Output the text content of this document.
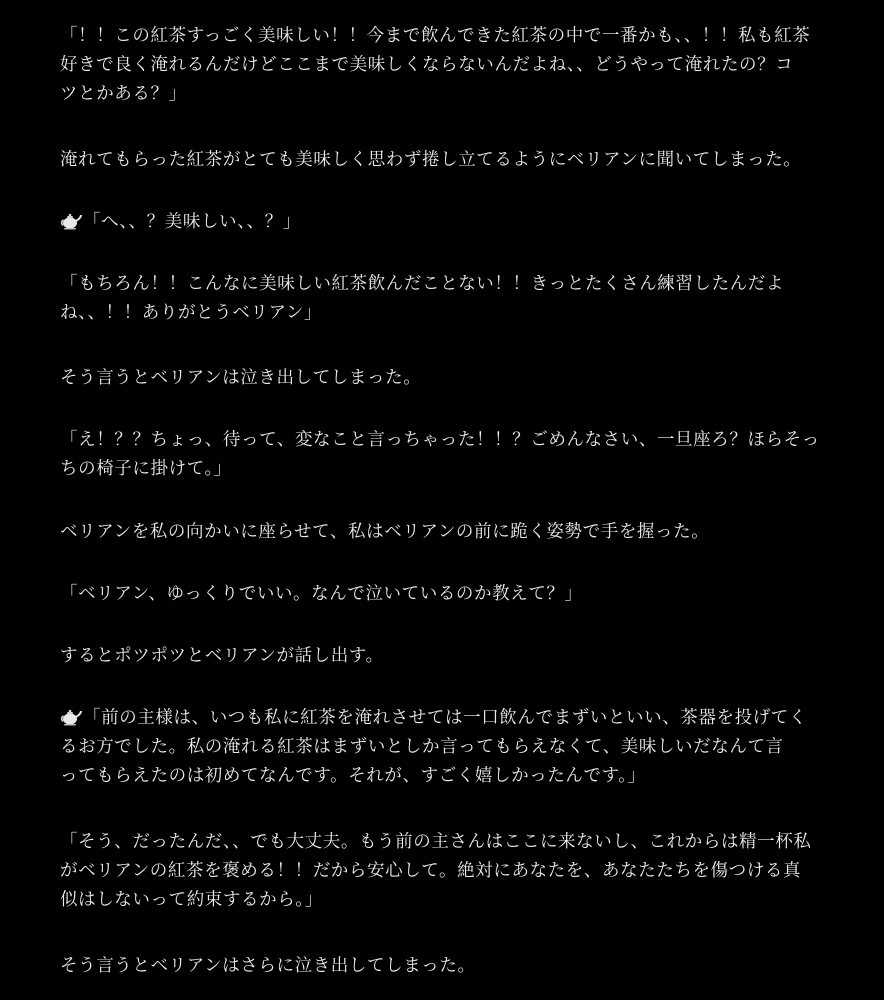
「！！この紅茶すっごく美味しい！！今まで飲んできた紅茶の中で一番かも、、！！私も紅茶
好きで良く淹れるんだけどここまで美味しくならないんだよね、、どうやって淹れたの？コ
ツとかある？」

淹れてもらった紅茶がとても美味しく思わず捲し立てるようにベリアンに聞いてしまった。

「へ、、？美味しい、、？」

「もちろん！！こんなに美味しい紅茶飲んだことない！！きっとたくさん練習したんだよ
ね、、！！ありがとうベリアン」

そう言うとベリアンは泣き出してしまった。

「え！？？ちょっ、待って、変なこと言っちゃった！！？ごめんなさい、一旦座ろ？ほらそっ
ちの椅子に掛けて。」

ベリアンを私の向かいに座らせて、私はベリアンの前に跪く姿勢で手を握った。

「ベリアン、ゆっくりでいい。なんで泣いているのか教えて？」

するとポツポツとベリアンが話し出す。

「前の主様は、いつも私に紅茶を淹れさせては一口飲んでまずいといい、茶器を投げてく
るお方でした。私の淹れる紅茶はまずいとしか言ってもらえなくて、美味しいだなんて言
ってもらえたのは初めてなんです。それが、すごく嬉しかったんです。」

「そう、だったんだ、、でも大丈夫。もう前の主さんはここに来ないし、これからは精一杯私
がベリアンの紅茶を褒める！！だから安心して。絶対にあなたを、あなたたちを傷つける真
似はしないって約束するから。」

そう言うとベリアンはさらに泣き出してしまった。
